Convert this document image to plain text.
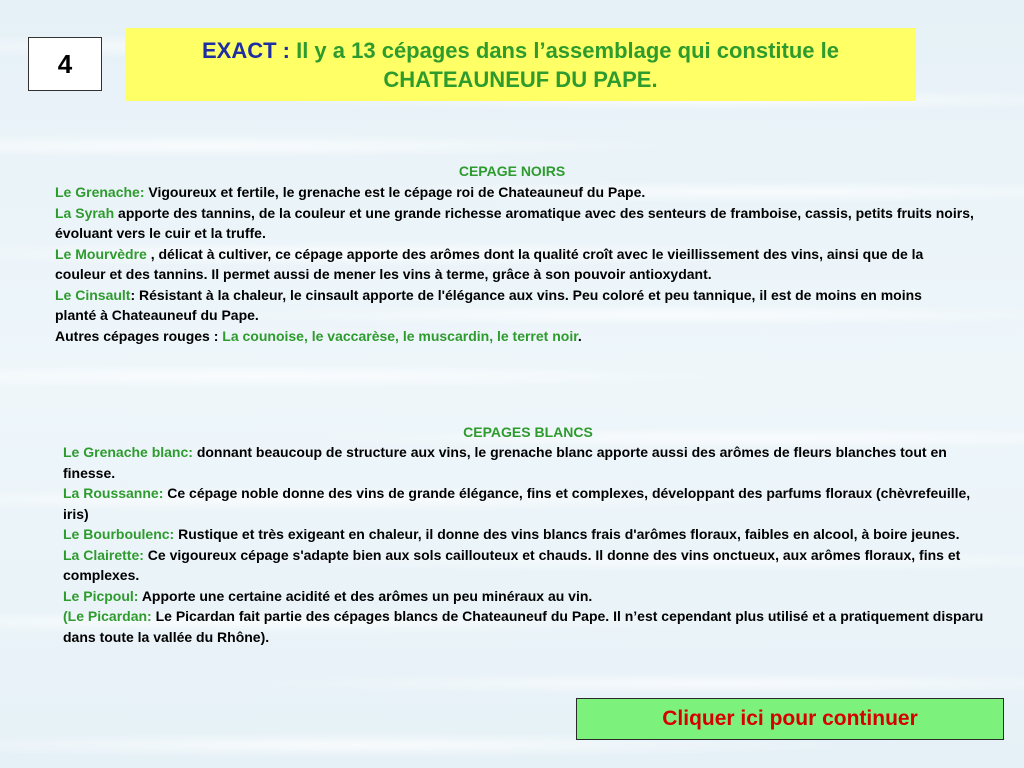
4	EXACT : Il y a 13 cépages dans l’assemblage qui constitue le CHATEAUNEUF DU PAPE.
CEPAGE NOIRS

Le Grenache: Vigoureux et fertile, le grenache est le cépage roi de Chateauneuf du Pape.

La Syrah apporte des tannins, de la couleur et une grande richesse aromatique avec des senteurs de framboise, cassis, petits fruits noirs, évoluant vers le cuir et la truffe.

Le Mourvèdre , délicat à cultiver, ce cépage apporte des arômes dont la qualité croît avec le vieillissement des vins, ainsi que de la couleur et des tannins. Il permet aussi de mener les vins à terme, grâce à son pouvoir antioxydant.

Le Cinsault: Résistant à la chaleur, le cinsault apporte de l'élégance aux vins. Peu coloré et peu tannique, il est de moins en moins planté à Chateauneuf du Pape.

Autres cépages rouges : La counoise, le vaccarèse, le muscardin, le terret noir.

CEPAGES BLANCS

Le Grenache blanc: donnant beaucoup de structure aux vins, le grenache blanc apporte aussi des arômes de fleurs blanches tout en finesse.

La Roussanne: Ce cépage noble donne des vins de grande élégance, fins et complexes, développant des parfums floraux (chèvrefeuille, iris)

Le Bourboulenc: Rustique et très exigeant en chaleur, il donne des vins blancs frais d'arômes floraux, faibles en alcool, à boire jeunes.

La Clairette: Ce vigoureux cépage s'adapte bien aux sols caillouteux et chauds. Il donne des vins onctueux, aux arômes floraux, fins et complexes.

Le Picpoul: Apporte une certaine acidité et des arômes un peu minéraux au vin.

(Le Picardan: Le Picardan fait partie des cépages blancs de Chateauneuf du Pape. Il n’est cependant plus utilisé et a pratiquement disparu dans toute la vallée du Rhône).

Cliquer ici pour continuer
